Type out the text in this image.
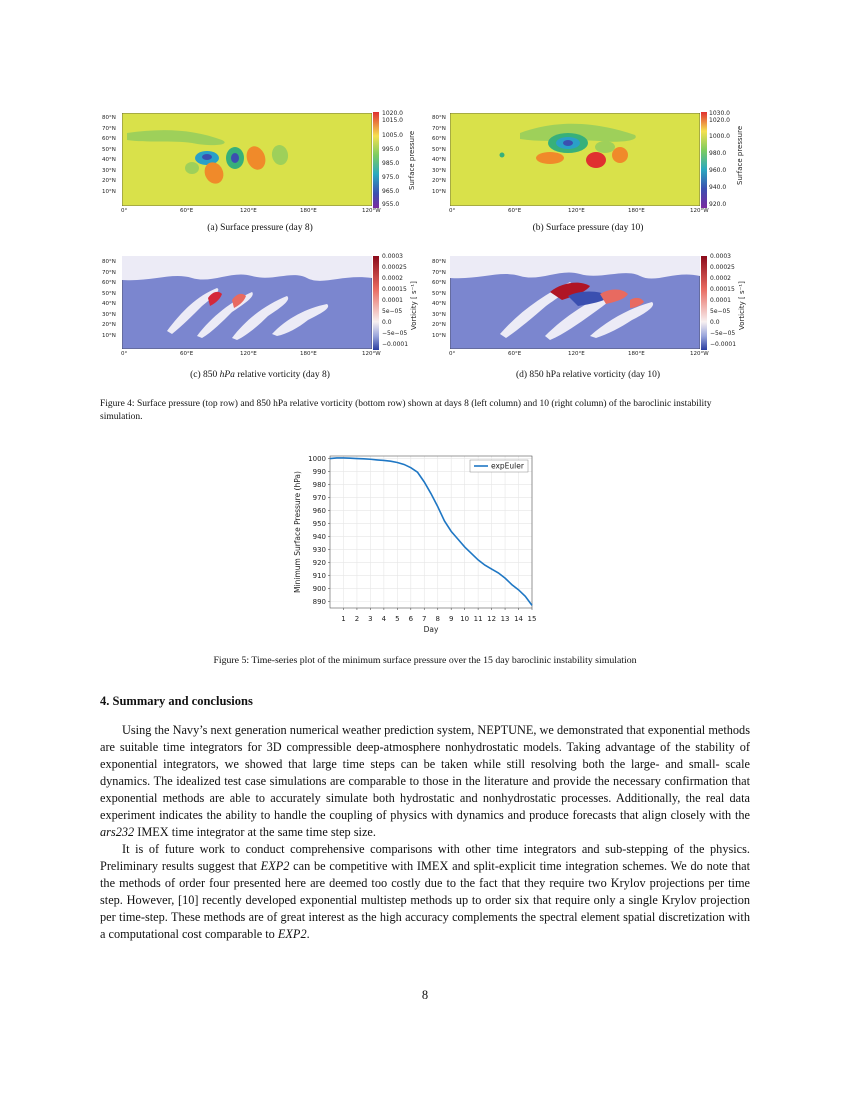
80°N
70°N
60°N
50°N
40°N
30°N
20°N
10°N
0°	60°E	120°E	180°E	120°W
1020.0
1015.0
1005.0
995.0
985.0
975.0
965.0
955.0
Surface pressure
(a) Surface pressure (day 8)
80°N
70°N
60°N
50°N
40°N
30°N
20°N
10°N
0°	60°E	120°E	180°E	120°W
1030.0
1020.0
1000.0
980.0
960.0
940.0
920.0
Surface pressure
(b) Surface pressure (day 10)
80°N
70°N
60°N
50°N
40°N
30°N
20°N
10°N
0°	60°E	120°E	180°E	120°W
0.0003
0.00025
0.0002
0.00015
0.0001
5e−05
0.0
−5e−05
−0.0001
Vorticity [ s⁻¹]
(c) 850 hPa relative vorticity (day 8)
80°N
70°N
60°N
50°N
40°N
30°N
20°N
10°N
0°	60°E	120°E	180°E	120°W
0.0003
0.00025
0.0002
0.00015
0.0001
5e−05
0.0
−5e−05
−0.0001
Vorticity [ s⁻¹]
(d) 850 hPa relative vorticity (day 10)
Figure 4: Surface pressure (top row) and 850 hPa relative vorticity (bottom row) shown at days 8 (left column) and 10 (right column) of the baroclinic instability simulation.
890
900
910
920
930
940
950
960
970
980
990
1000
1 2 3 4 5 6 7 8 9 10 11 12 13 14 15
Day
Minimum Surface Pressure (hPa)
expEuler
Figure 5: Time-series plot of the minimum surface pressure over the 15 day baroclinic instability simulation
4. Summary and conclusions

Using the Navy’s next generation numerical weather prediction system, NEPTUNE, we demonstrated that exponential methods are suitable time integrators for 3D compressible deep-atmosphere nonhydrostatic models. Taking advantage of the stability of exponential integrators, we showed that large time steps can be taken while still resolving both the large- and small- scale dynamics. The idealized test case simulations are comparable to those in the literature and provide the necessary confirmation that exponential methods are able to accurately simulate both hydrostatic and nonhydrostatic processes. Additionally, the real data experiment indicates the ability to handle the coupling of physics with dynamics and produce forecasts that align closely with the ars232 IMEX time integrator at the same time step size.

It is of future work to conduct comprehensive comparisons with other time integrators and sub-stepping of the physics. Preliminary results suggest that EXP2 can be competitive with IMEX and split-explicit time integration schemes. We do note that the methods of order four presented here are deemed too costly due to the fact that they require two Krylov projections per time step. However, [10] recently developed exponential multistep methods up to order six that require only a single Krylov projection per time-step. These methods are of great interest as the high accuracy complements the spectral element spatial discretization with a computational cost comparable to EXP2.

8
